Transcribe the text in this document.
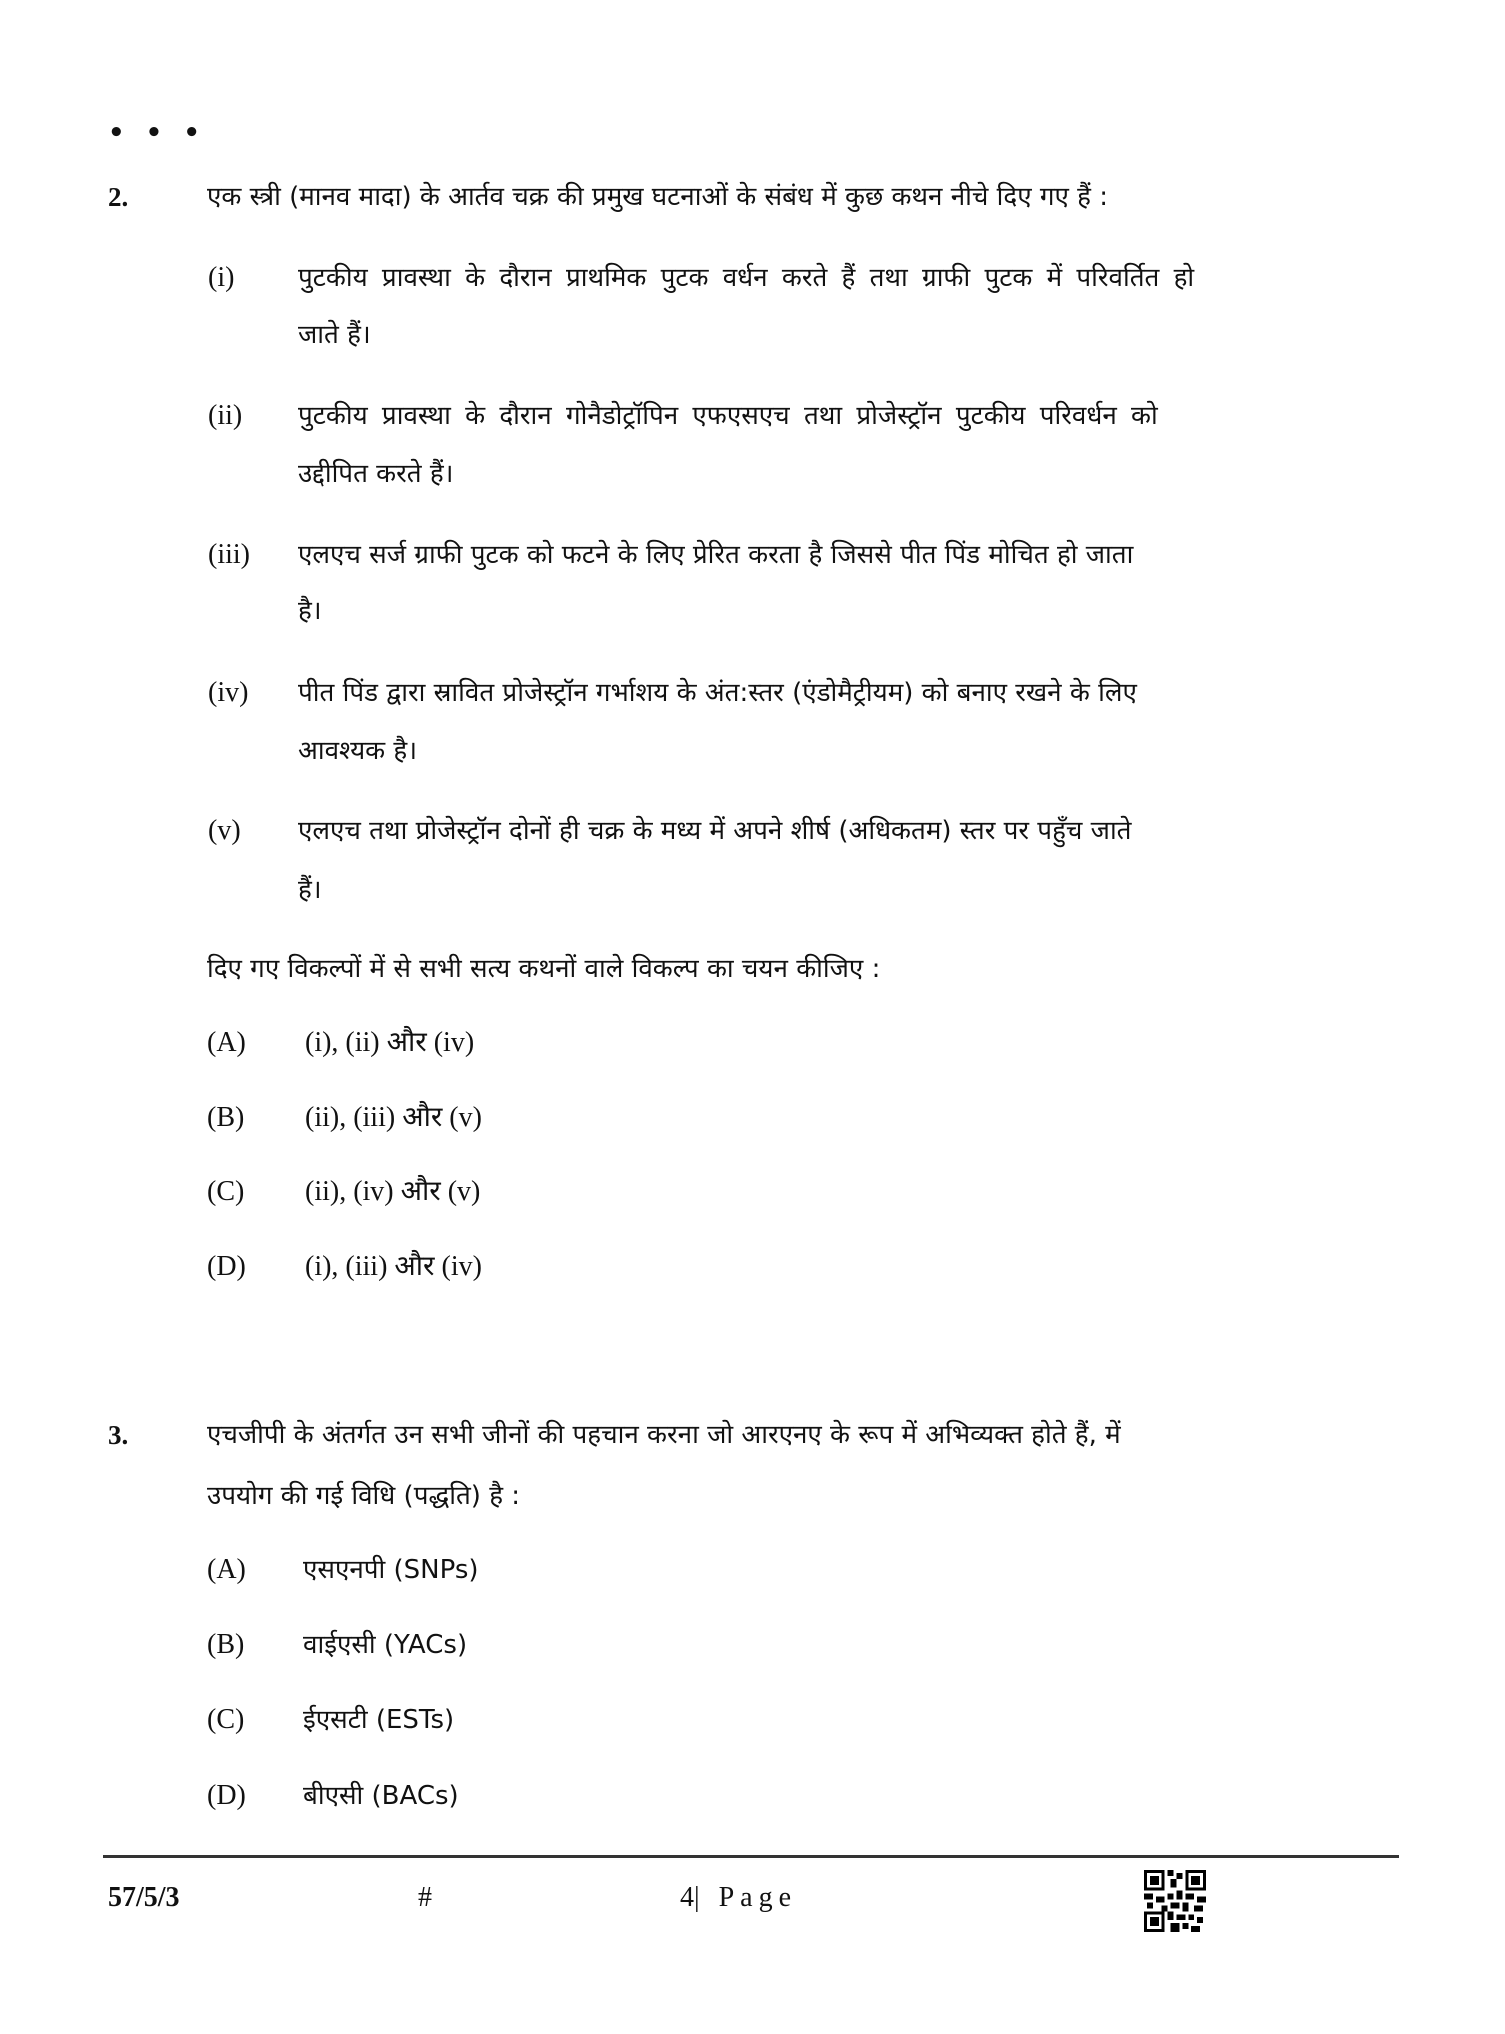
• • •
2.	एक स्त्री (मानव मादा) के आर्तव चक्र की प्रमुख घटनाओं के संबंध में कुछ कथन नीचे दिए गए हैं :
(i) पुटकीय प्रावस्था के दौरान प्राथमिक पुटक वर्धन करते हैं तथा ग्राफी पुटक में परिवर्तित हो
जाते हैं।
(ii) पुटकीय प्रावस्था के दौरान गोनैडोट्रॉपिन एफएसएच तथा प्रोजेस्ट्रॉन पुटकीय परिवर्धन को
उद्दीपित करते हैं।
(iii) एलएच सर्ज ग्राफी पुटक को फटने के लिए प्रेरित करता है जिससे पीत पिंड मोचित हो जाता
है।
(iv) पीत पिंड द्वारा स्रावित प्रोजेस्ट्रॉन गर्भाशय के अंत:स्तर (एंडोमैट्रीयम) को बनाए रखने के लिए
आवश्यक है।
(v) एलएच तथा प्रोजेस्ट्रॉन दोनों ही चक्र के मध्य में अपने शीर्ष (अधिकतम) स्तर पर पहुँच जाते
हैं।
दिए गए विकल्पों में से सभी सत्य कथनों वाले विकल्प का चयन कीजिए :
(A) (i), (ii) और (iv)
(B) (ii), (iii) और (v)
(C) (ii), (iv) और (v)
(D) (i), (iii) और (iv)
3.	एचजीपी के अंतर्गत उन सभी जीनों की पहचान करना जो आरएनए के रूप में अभिव्यक्त होते हैं, में
उपयोग की गई विधि (पद्धति) है :
(A) एसएनपी (SNPs)
(B) वाईएसी (YACs)
(C) ईएसटी (ESTs)
(D) बीएसी (BACs)
57/5/3	#	4| Page
